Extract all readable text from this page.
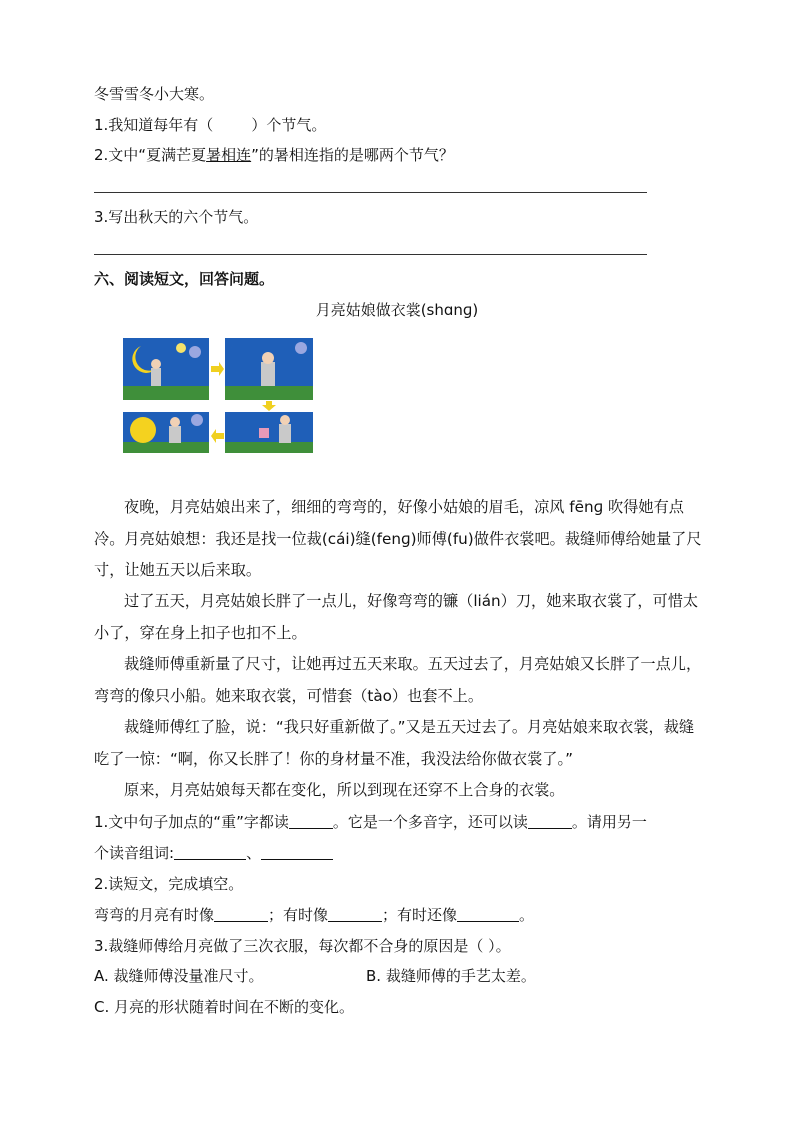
冬雪雪冬小大寒。
1.我知道每年有（	）个节气。
2.文中“夏满芒夏暑相连”的暑相连指的是哪两个节气？
3.写出秋天的六个节气。
六、阅读短文，回答问题。
月亮姑娘做衣裳(shɑnɡ)
夜晚，月亮姑娘出来了，细细的弯弯的，好像小姑娘的眉毛，凉风 fēnɡ 吹得她有点冷。月亮姑娘想：我还是找一位裁(cái)缝(fenɡ)师傅(fu)做件衣裳吧。裁缝师傅给她量了尺寸，让她五天以后来取。
过了五天，月亮姑娘长胖了一点儿，好像弯弯的镰（lián）刀，她来取衣裳了，可惜太小了，穿在身上扣子也扣不上。
裁缝师傅重新量了尺寸，让她再过五天来取。五天过去了，月亮姑娘又长胖了一点儿，弯弯的像只小船。她来取衣裳，可惜套（tào）也套不上。
裁缝师傅红了脸，说：“我只好重新做了。”又是五天过去了。月亮姑娘来取衣裳，裁缝吃了一惊：“啊，你又长胖了！你的身材量不准，我没法给你做衣裳了。”
原来，月亮姑娘每天都在变化，所以到现在还穿不上合身的衣裳。
1.文中句子加点的“重”字都读	。它是一个多音字，还可以读	。请用另一
个读音组词:	、
2.读短文，完成填空。
弯弯的月亮有时像	；有时像	；有时还像	。
3.裁缝师傅给月亮做了三次衣服，每次都不合身的原因是（ ）。
A. 裁缝师傅没量准尺寸。	B. 裁缝师傅的手艺太差。
C. 月亮的形状随着时间在不断的变化。
